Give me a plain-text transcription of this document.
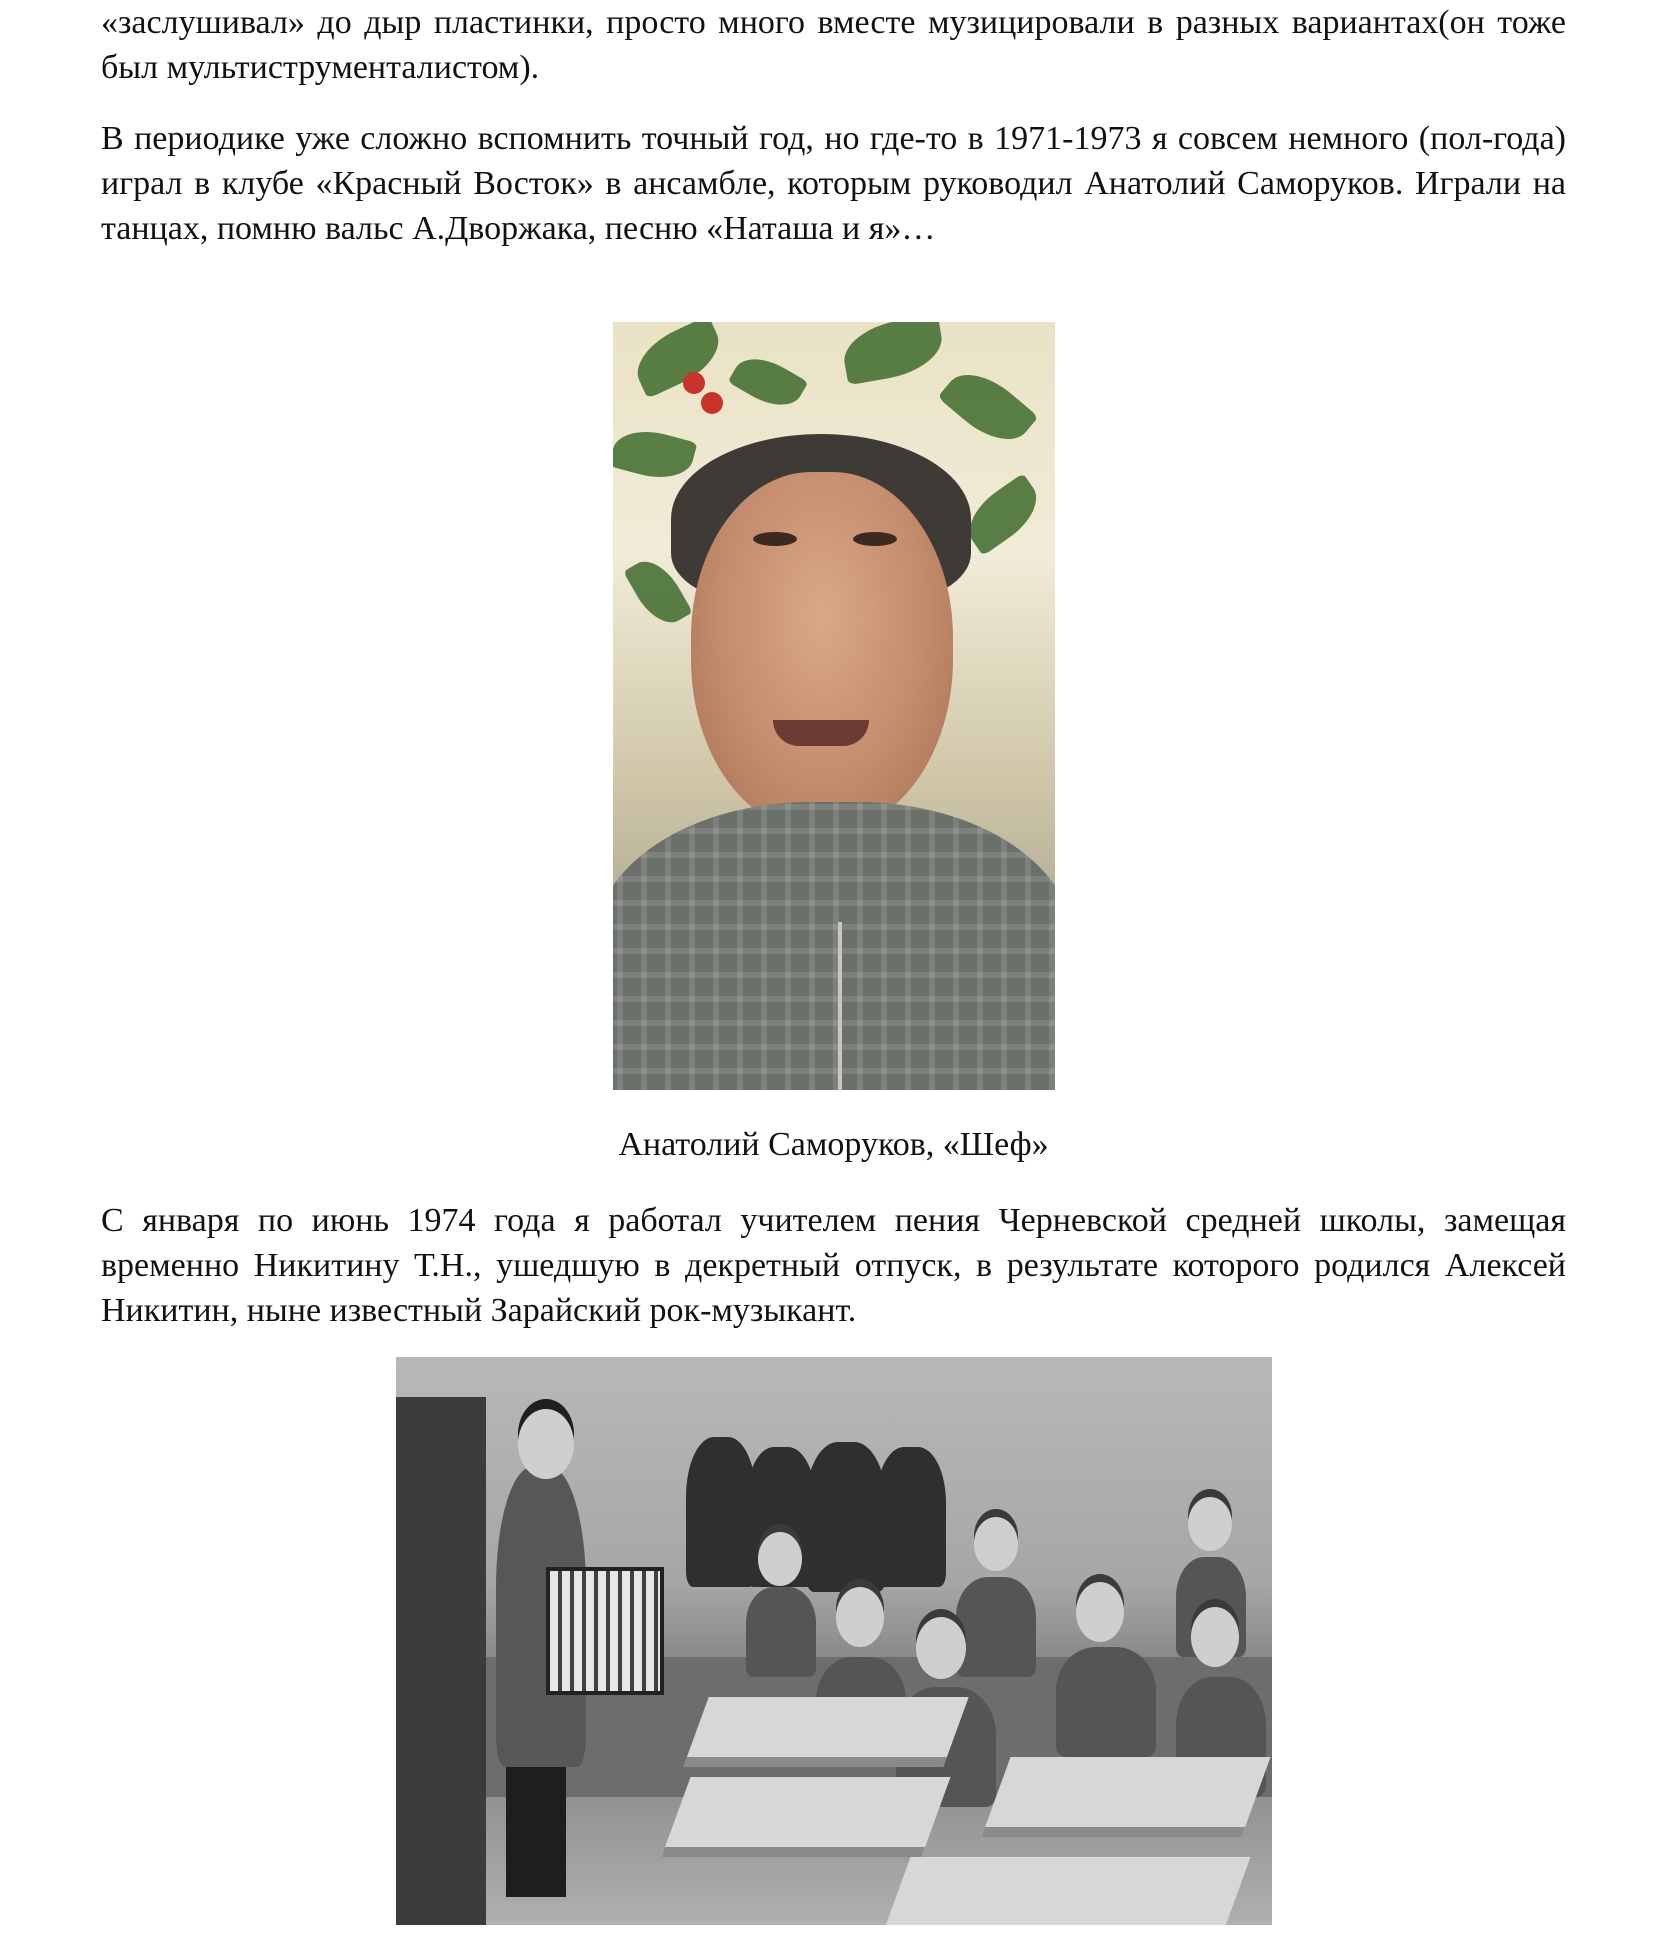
«заслушивал» до дыр пластинки, просто много вместе музицировали в разных вариантах(он тоже был мультиструменталистом).

В периодике уже сложно вспомнить точный год, но где-то в 1971-1973 я совсем немного (пол-года) играл в клубе «Красный Восток» в ансамбле, которым руководил Анатолий Саморуков. Играли на танцах, помню вальс А.Дворжака, песню «Наташа и я»…

Анатолий Саморуков, «Шеф»

С января по июнь 1974 года я работал учителем пения Черневской средней школы, замещая временно Никитину Т.Н., ушедшую в декретный отпуск, в результате которого родился Алексей Никитин, ныне известный Зарайский рок-музыкант.
